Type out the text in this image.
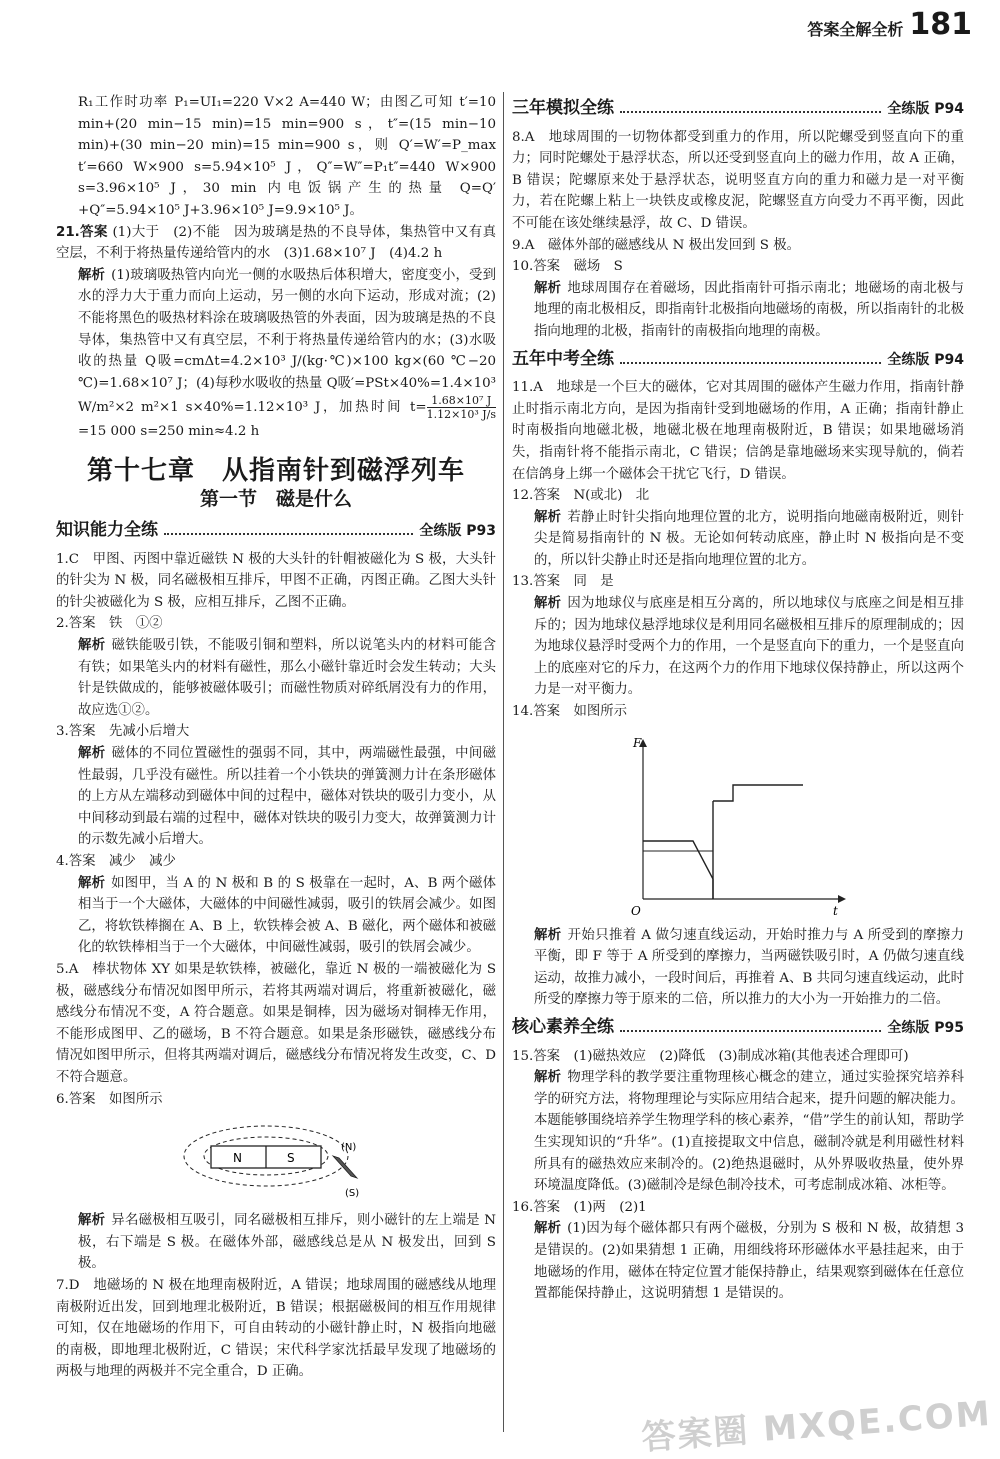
答案全解全析 181

R₁工作时功率 P₁=UI₁=220 V×2 A=440 W；由图乙可知 t′=10 min+(20 min−15 min)=15 min=900 s，t″=(15 min−10 min)+(30 min−20 min)=15 min=900 s，则 Q′=W′=P_max t′=660 W×900 s=5.94×10⁵ J，Q″=W″=P₁t″=440 W×900 s=3.96×10⁵ J，30 min 内电饭锅产生的热量 Q=Q′+Q″=5.94×10⁵ J+3.96×10⁵ J=9.9×10⁵ J。

21.答案 (1)大于　(2)不能　因为玻璃是热的不良导体，集热管中又有真空层，不利于将热量传递给管内的水　(3)1.68×10⁷ J　(4)4.2 h

解析 (1)玻璃吸热管内向光一侧的水吸热后体积增大，密度变小，受到水的浮力大于重力而向上运动，另一侧的水向下运动，形成对流；(2)不能将黑色的吸热材料涂在玻璃吸热管的外表面，因为玻璃是热的不良导体，集热管中又有真空层，不利于将热量传递给管内的水；(3)水吸收的热量 Q吸=cmΔt=4.2×10³ J/(kg·℃)×100 kg×(60 ℃−20 ℃)=1.68×10⁷ J；(4)每秒水吸收的热量 Q吸′=PSt×40%=1.4×10³ W/m²×2 m²×1 s×40%=1.12×10³ J，加热时间 $t= \frac{\text{1.68×10⁷ J}}{\text{1.12×10³ J/s}}$
=15 000 s=250 min≈4.2 h

第十七章　从指南针到磁浮列车
第一节　磁是什么
知识能力全练	全练版 P93

1.C　甲图、丙图中靠近磁铁 N 极的大头针的针帽被磁化为 S 极，大头针的针尖为 N 极，同名磁极相互排斥，甲图不正确，丙图正确。乙图大头针的针尖被磁化为 S 极，应相互排斥，乙图不正确。

2.答案　铁　①②

解析 磁铁能吸引铁，不能吸引铜和塑料，所以说笔头内的材料可能含有铁；如果笔头内的材料有磁性，那么小磁针靠近时会发生转动；大头针是铁做成的，能够被磁体吸引；而磁性物质对碎纸屑没有力的作用，故应选①②。

3.答案　先减小后增大

解析 磁体的不同位置磁性的强弱不同，其中，两端磁性最强，中间磁性最弱，几乎没有磁性。所以挂着一个小铁块的弹簧测力计在条形磁体的上方从左端移动到磁体中间的过程中，磁体对铁块的吸引力变小，从中间移动到最右端的过程中，磁体对铁块的吸引力变大，故弹簧测力计的示数先减小后增大。

4.答案　减少　减少

解析 如图甲，当 A 的 N 极和 B 的 S 极靠在一起时，A、B 两个磁体相当于一个大磁体，大磁体的中间磁性减弱，吸引的铁屑会减少。如图乙，将软铁棒搁在 A、B 上，软铁棒会被 A、B 磁化，两个磁体和被磁化的软铁棒相当于一个大磁体，中间磁性减弱，吸引的铁屑会减少。

5.A　棒状物体 XY 如果是软铁棒，被磁化，靠近 N 极的一端被磁化为 S 极，磁感线分布情况如图甲所示，若将其两端对调后，将重新被磁化，磁感线分布情况不变，A 符合题意。如果是铜棒，因为磁场对铜棒无作用，不能形成图甲、乙的磁场，B 不符合题意。如果是条形磁铁，磁感线分布情况如图甲所示，但将其两端对调后，磁感线分布情况将发生改变，C、D 不符合题意。

6.答案　如图所示

N	S
(N)
(S)

解析 异名磁极相互吸引，同名磁极相互排斥，则小磁针的左上端是 N 极，右下端是 S 极。在磁体外部，磁感线总是从 N 极发出，回到 S 极。

7.D　地磁场的 N 极在地理南极附近，A 错误；地球周围的磁感线从地理南极附近出发，回到地理北极附近，B 错误；根据磁极间的相互作用规律可知，仅在地磁场的作用下，可自由转动的小磁针静止时，N 极指向地磁的南极，即地理北极附近，C 错误；宋代科学家沈括最早发现了地磁场的两极与地理的两极并不完全重合，D 正确。

三年模拟全练	全练版 P94

8.A　地球周围的一切物体都受到重力的作用，所以陀螺受到竖直向下的重力；同时陀螺处于悬浮状态，所以还受到竖直向上的磁力作用，故 A 正确，B 错误；陀螺原来处于悬浮状态，说明竖直方向的重力和磁力是一对平衡力，若在陀螺上粘上一块铁皮或橡皮泥，陀螺竖直方向受力不再平衡，因此不可能在该处继续悬浮，故 C、D 错误。

9.A　磁体外部的磁感线从 N 极出发回到 S 极。

10.答案　磁场　S

解析 地球周围存在着磁场，因此指南针可指示南北；地磁场的南北极与地理的南北极相反，即指南针北极指向地磁场的南极，所以指南针的北极指向地理的北极，指南针的南极指向地理的南极。

五年中考全练	全练版 P94

11.A　地球是一个巨大的磁体，它对其周围的磁体产生磁力作用，指南针静止时指示南北方向，是因为指南针受到地磁场的作用，A 正确；指南针静止时南极指向地磁北极，地磁北极在地理南极附近，B 错误；如果地磁场消失，指南针将不能指示南北，C 错误；信鸽是靠地磁场来实现导航的，倘若在信鸽身上绑一个磁体会干扰它飞行，D 错误。

12.答案　N(或北)　北

解析 若静止时针尖指向地理位置的北方，说明指向地磁南极附近，则针尖是简易指南针的 N 极。无论如何转动底座，静止时 N 极指向是不变的，所以针尖静止时还是指向地理位置的北方。

13.答案　同　是

解析 因为地球仪与底座是相互分离的，所以地球仪与底座之间是相互排斥的；因为地球仪悬浮地球仪是利用同名磁极相互排斥的原理制成的；因为地球仪悬浮时受两个力的作用，一个是竖直向下的重力，一个是竖直向上的底座对它的斥力，在这两个力的作用下地球仪保持静止，所以这两个力是一对平衡力。

14.答案　如图所示

F
t
O

解析 开始只推着 A 做匀速直线运动，开始时推力与 A 所受到的摩擦力平衡，即 F 等于 A 所受到的摩擦力，当两磁铁吸引时，A 仍做匀速直线运动，故推力减小，一段时间后，再推着 A、B 共同匀速直线运动，此时所受的摩擦力等于原来的二倍，所以推力的大小为一开始推力的二倍。

核心素养全练	全练版 P95

15.答案　(1)磁热效应　(2)降低　(3)制成冰箱(其他表述合理即可)

解析 物理学科的教学要注重物理核心概念的建立，通过实验探究培养科学的研究方法，将物理理论与实际应用结合起来，提升问题的解决能力。本题能够围绕培养学生物理学科的核心素养，“借”学生的前认知，帮助学生实现知识的“升华”。(1)直接提取文中信息，磁制冷就是利用磁性材料所具有的磁热效应来制冷的。(2)绝热退磁时，从外界吸收热量，使外界环境温度降低。(3)磁制冷是绿色制冷技术，可考虑制成冰箱、冰柜等。

16.答案　(1)两　(2)1

解析 (1)因为每个磁体都只有两个磁极，分别为 S 极和 N 极，故猜想 3 是错误的。(2)如果猜想 1 正确，用细线将环形磁体水平悬挂起来，由于地磁场的作用，磁体在特定位置才能保持静止，结果观察到磁体在任意位置都能保持静止，这说明猜想 1 是错误的。

答案圈 MXQE.COM
